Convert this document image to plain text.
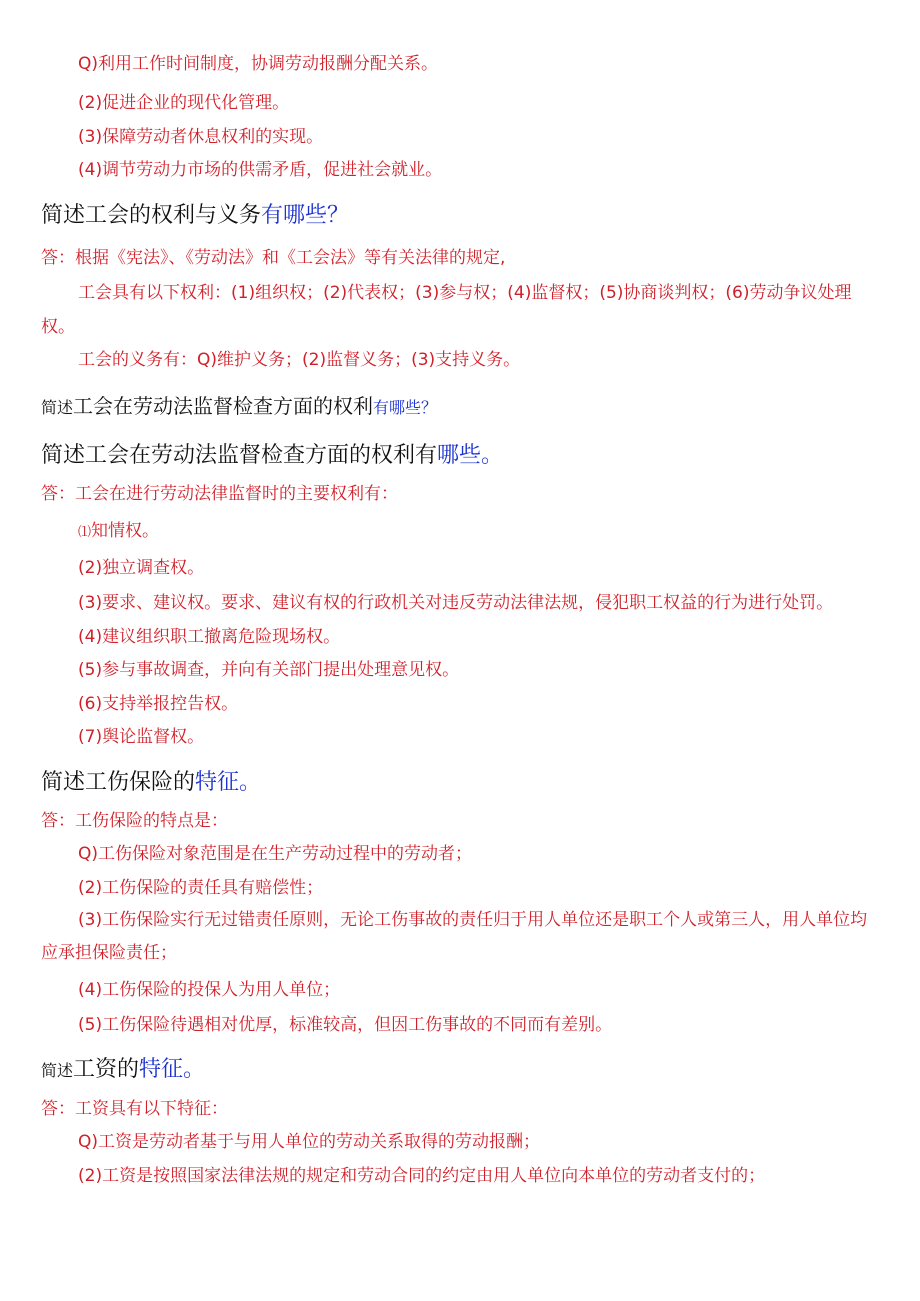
Q)利用工作时间制度，协调劳动报酬分配关系。
(2)促进企业的现代化管理。
(3)保障劳动者休息权利的实现。
(4)调节劳动力市场的供需矛盾，促进社会就业。
简述工会的权利与义务有哪些？
答：根据《宪法》、《劳动法》和《工会法》等有关法律的规定,
工会具有以下权利：(1)组织权；(2)代表权；(3)参与权；(4)监督权；(5)协商谈判权；(6)劳动争议处理
权。
工会的义务有：Q)维护义务；(2)监督义务；(3)支持义务。
简述工会在劳动法监督检查方面的权利有哪些？
简述工会在劳动法监督检查方面的权利有哪些。
答：工会在进行劳动法律监督时的主要权利有：
⑴知情权。
(2)独立调查权。
(3)要求、建议权。要求、建议有权的行政机关对违反劳动法律法规，侵犯职工权益的行为进行处罚。
(4)建议组织职工撤离危险现场权。
(5)参与事故调查，并向有关部门提出处理意见权。
(6)支持举报控告权。
(7)舆论监督权。
简述工伤保险的特征。
答：工伤保险的特点是：
Q)工伤保险对象范围是在生产劳动过程中的劳动者；
(2)工伤保险的责任具有赔偿性；
(3)工伤保险实行无过错责任原则，无论工伤事故的责任归于用人单位还是职工个人或第三人，用人单位均
应承担保险责任；
(4)工伤保险的投保人为用人单位；
(5)工伤保险待遇相对优厚，标准较高，但因工伤事故的不同而有差别。
简述工资的特征。
答：工资具有以下特征：
Q)工资是劳动者基于与用人单位的劳动关系取得的劳动报酬；
(2)工资是按照国家法律法规的规定和劳动合同的约定由用人单位向本单位的劳动者支付的；
